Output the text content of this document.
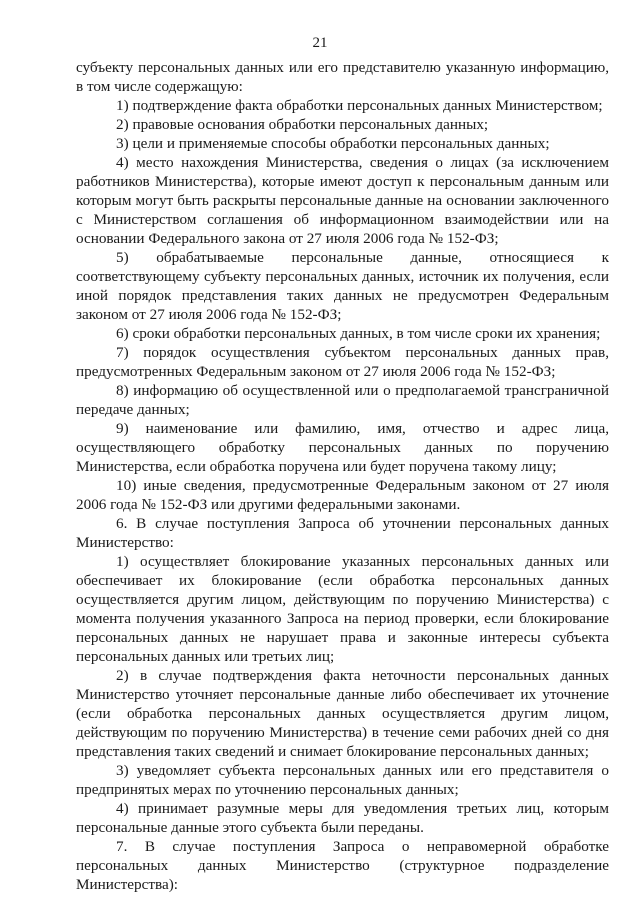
21

субъекту персональных данных или его представителю указанную информацию, в том числе содержащую:

1) подтверждение факта обработки персональных данных Министерством;

2) правовые основания обработки персональных данных;

3) цели и применяемые способы обработки персональных данных;

4) место нахождения Министерства, сведения о лицах (за исключением работников Министерства), которые имеют доступ к персональным данным или которым могут быть раскрыты персональные данные на основании заключенного с Министерством соглашения об информационном взаимодействии или на основании Федерального закона от 27 июля 2006 года № 152-ФЗ;

5) обрабатываемые персональные данные, относящиеся к соответствующему субъекту персональных данных, источник их получения, если иной порядок представления таких данных не предусмотрен Федеральным законом от 27 июля 2006 года № 152-ФЗ;

6) сроки обработки персональных данных, в том числе сроки их хранения;

7) порядок осуществления субъектом персональных данных прав, предусмотренных Федеральным законом от 27 июля 2006 года № 152-ФЗ;

8) информацию об осуществленной или о предполагаемой трансграничной передаче данных;

9) наименование или фамилию, имя, отчество и адрес лица, осуществляющего обработку персональных данных по поручению Министерства, если обработка поручена или будет поручена такому лицу;

10) иные сведения, предусмотренные Федеральным законом от 27 июля 2006 года № 152-ФЗ или другими федеральными законами.

6. В случае поступления Запроса об уточнении персональных данных Министерство:

1) осуществляет блокирование указанных персональных данных или обеспечивает их блокирование (если обработка персональных данных осуществляется другим лицом, действующим по поручению Министерства) с момента получения указанного Запроса на период проверки, если блокирование персональных данных не нарушает права и законные интересы субъекта персональных данных или третьих лиц;

2) в случае подтверждения факта неточности персональных данных Министерство уточняет персональные данные либо обеспечивает их уточнение (если обработка персональных данных осуществляется другим лицом, действующим по поручению Министерства) в течение семи рабочих дней со дня представления таких сведений и снимает блокирование персональных данных;

3) уведомляет субъекта персональных данных или его представителя о предпринятых мерах по уточнению персональных данных;

4) принимает разумные меры для уведомления третьих лиц, которым персональные данные этого субъекта были переданы.

7. В случае поступления Запроса о неправомерной обработке персональных данных Министерство (структурное подразделение Министерства):
